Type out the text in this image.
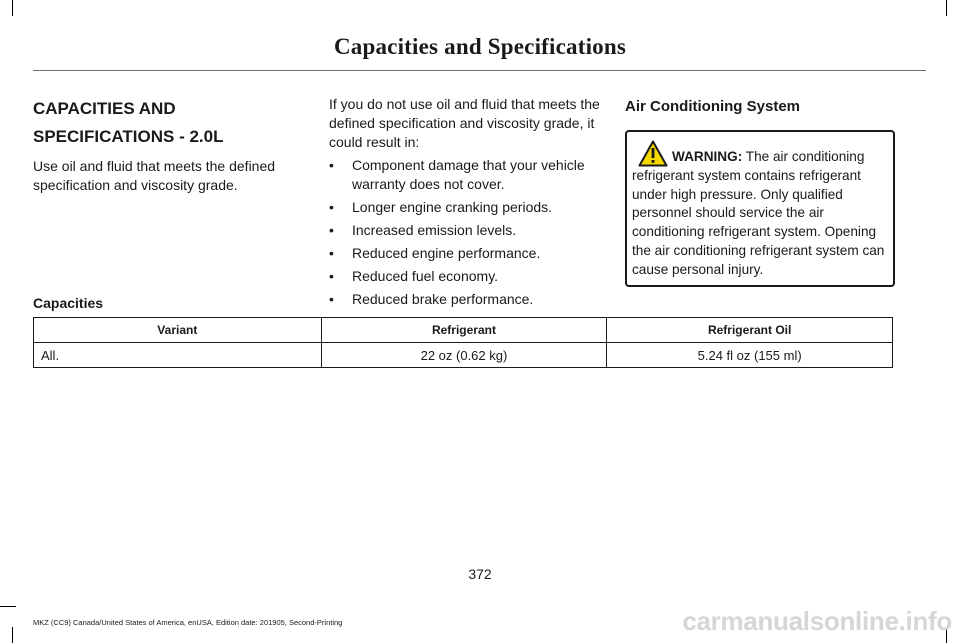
Capacities and Specifications
CAPACITIES AND SPECIFICATIONS - 2.0L

Use oil and fluid that meets the defined specification and viscosity grade.

If you do not use oil and fluid that meets the defined specification and viscosity grade, it could result in:

• Component damage that your vehicle warranty does not cover.
• Longer engine cranking periods.
• Increased emission levels.
• Reduced engine performance.
• Reduced fuel economy.
• Reduced brake performance.
Air Conditioning System
WARNING: The air conditioning refrigerant system contains refrigerant under high pressure. Only qualified personnel should service the air conditioning refrigerant system. Opening the air conditioning refrigerant system can cause personal injury.
Capacities
Variant	Refrigerant	Refrigerant Oil
All.	22 oz (0.62 kg)	5.24 fl oz (155 ml)
372
MKZ (CC9) Canada/United States of America, enUSA, Edition date: 201905, Second-Printing	carmanualsonline.info
